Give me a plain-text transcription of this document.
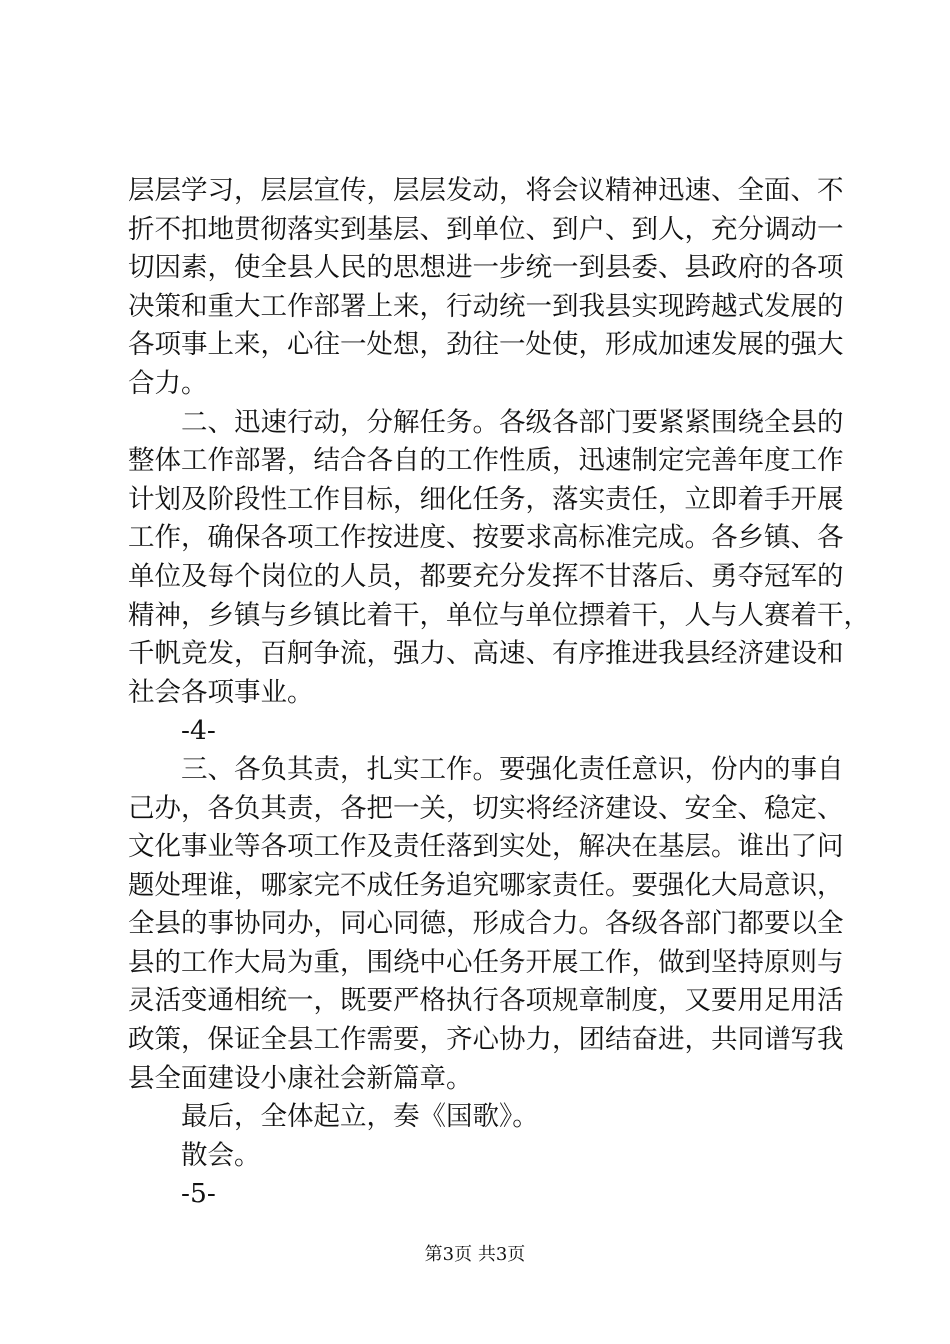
层层学习，层层宣传，层层发动，将会议精神迅速、全面、不
折不扣地贯彻落实到基层、到单位、到户、到人，充分调动一
切因素，使全县人民的思想进一步统一到县委、县政府的各项
决策和重大工作部署上来，行动统一到我县实现跨越式发展的
各项事上来，心往一处想，劲往一处使，形成加速发展的强大
合力。
二、迅速行动，分解任务。各级各部门要紧紧围绕全县的
整体工作部署，结合各自的工作性质，迅速制定完善年度工作
计划及阶段性工作目标，细化任务，落实责任，立即着手开展
工作，确保各项工作按进度、按要求高标准完成。各乡镇、各
单位及每个岗位的人员，都要充分发挥不甘落后、勇夺冠军的
精神，乡镇与乡镇比着干，单位与单位摽着干，人与人赛着干，
千帆竞发，百舸争流，强力、高速、有序推进我县经济建设和
社会各项事业。
-4-
三、各负其责，扎实工作。要强化责任意识，份内的事自
己办，各负其责，各把一关，切实将经济建设、安全、稳定、
文化事业等各项工作及责任落到实处，解决在基层。谁出了问
题处理谁，哪家完不成任务追究哪家责任。要强化大局意识，
全县的事协同办，同心同德，形成合力。各级各部门都要以全
县的工作大局为重，围绕中心任务开展工作，做到坚持原则与
灵活变通相统一，既要严格执行各项规章制度，又要用足用活
政策，保证全县工作需要，齐心协力，团结奋进，共同谱写我
县全面建设小康社会新篇章。
最后，全体起立，奏《国歌》。
散会。
-5-
第3页 共3页
